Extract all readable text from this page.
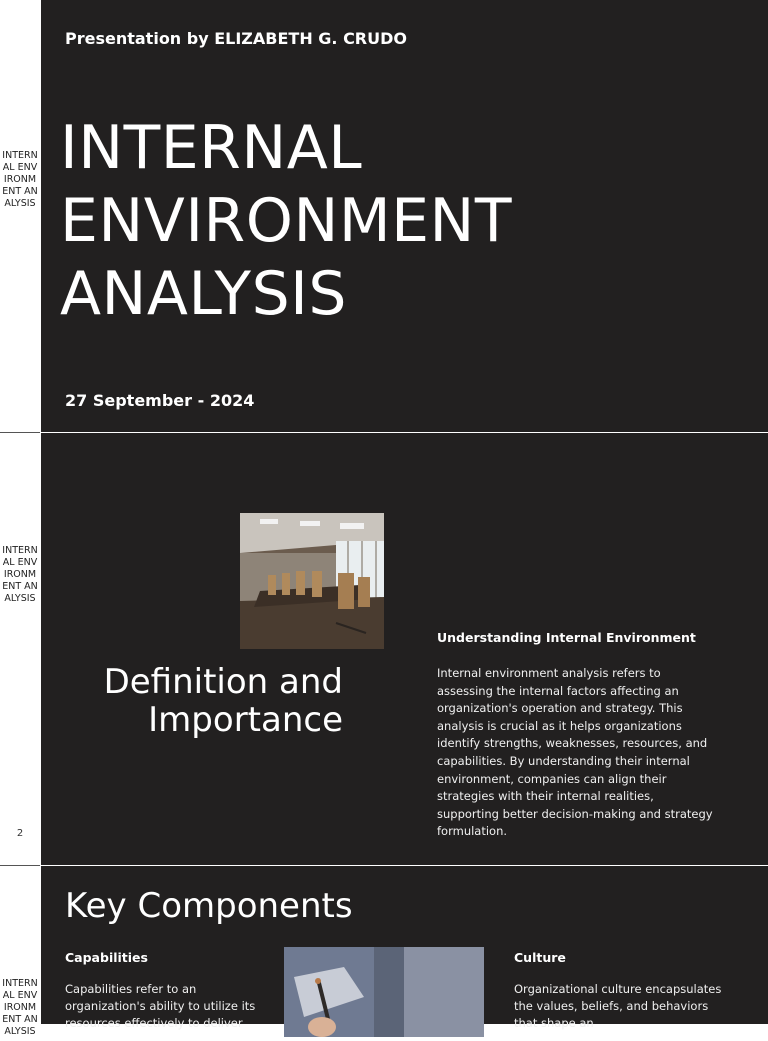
INTERNAL ENVIRONMENT ANALYSIS
Presentation by ELIZABETH G. CRUDO
INTERNAL
ENVIRONMENT
ANALYSIS
27 September - 2024
INTERNAL ENVIRONMENT ANALYSIS
2
Definition and Importance
Understanding Internal Environment

Internal environment analysis refers to assessing the internal factors affecting an organization's operation and strategy. This analysis is crucial as it helps organizations identify strengths, weaknesses, resources, and capabilities. By understanding their internal environment, companies can align their strategies with their internal realities, supporting better decision-making and strategy formulation.

INTERNAL ENVIRONMENT ANALYSIS
Key Components
Capabilities

Capabilities refer to an organization's ability to utilize its resources effectively to deliver

Culture

Organizational culture encapsulates the values, beliefs, and behaviors that shape an
